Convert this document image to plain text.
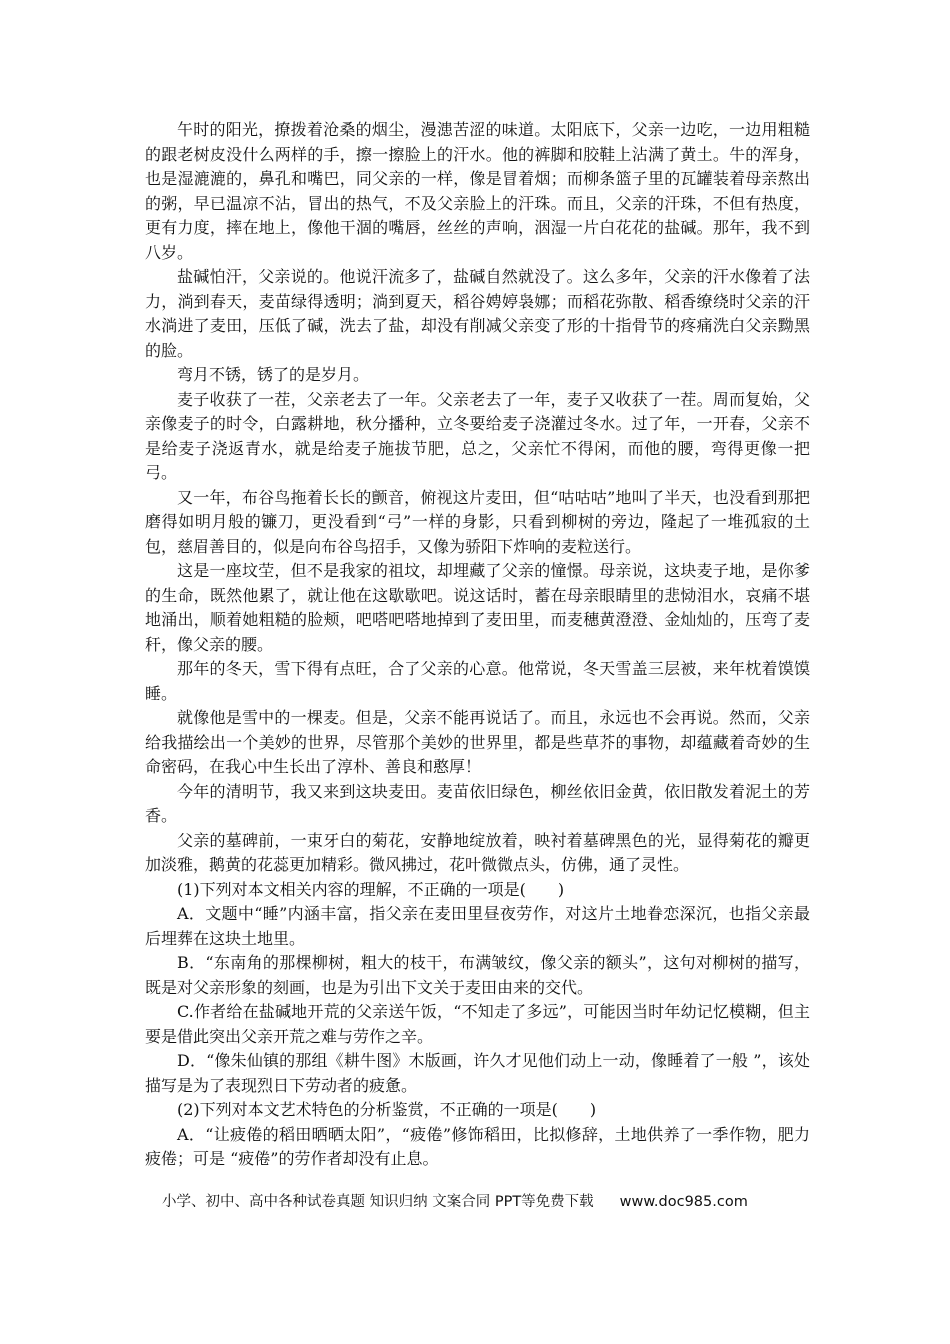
午时的阳光，撩拨着沧桑的烟尘，漫漶苦涩的味道。太阳底下，父亲一边吃，一边用粗糙的跟老树皮没什么两样的手，擦一擦脸上的汗水。他的裤脚和胶鞋上沾满了黄土。牛的浑身，也是湿漉漉的，鼻孔和嘴巴，同父亲的一样，像是冒着烟；而柳条篮子里的瓦罐装着母亲熬出的粥，早已温凉不沾，冒出的热气，不及父亲脸上的汗珠。而且，父亲的汗珠，不但有热度，更有力度，摔在地上，像他干涸的嘴唇，丝丝的声响，洇湿一片白花花的盐碱。那年，我不到八岁。

盐碱怕汗，父亲说的。他说汗流多了，盐碱自然就没了。这么多年，父亲的汗水像着了法力，淌到春天，麦苗绿得透明；淌到夏天，稻谷娉婷袅娜；而稻花弥散、稻香缭绕时父亲的汗水淌进了麦田，压低了碱，洗去了盐，却没有削减父亲变了形的十指骨节的疼痛洗白父亲黝黑的脸。

弯月不锈，锈了的是岁月。

麦子收获了一茬，父亲老去了一年。父亲老去了一年，麦子又收获了一茬。周而复始，父亲像麦子的时令，白露耕地，秋分播种，立冬要给麦子浇灌过冬水。过了年，一开春，父亲不是给麦子浇返青水，就是给麦子施拔节肥，总之，父亲忙不得闲，而他的腰，弯得更像一把弓。

又一年，布谷鸟拖着长长的颤音，俯视这片麦田，但“咕咕咕”地叫了半天，也没看到那把磨得如明月般的镰刀，更没看到“弓”一样的身影，只看到柳树的旁边，隆起了一堆孤寂的土包，慈眉善目的，似是向布谷鸟招手，又像为骄阳下炸响的麦粒送行。

这是一座坟茔，但不是我家的祖坟，却埋藏了父亲的憧憬。母亲说，这块麦子地，是你爹的生命，既然他累了，就让他在这歇歇吧。说这话时，蓄在母亲眼睛里的悲恸泪水，哀痛不堪地涌出，顺着她粗糙的脸颊，吧嗒吧嗒地掉到了麦田里，而麦穗黄澄澄、金灿灿的，压弯了麦秆，像父亲的腰。

那年的冬天，雪下得有点旺，合了父亲的心意。他常说，冬天雪盖三层被，来年枕着馍馍睡。

就像他是雪中的一棵麦。但是，父亲不能再说话了。而且，永远也不会再说。然而，父亲给我描绘出一个美妙的世界，尽管那个美妙的世界里，都是些草芥的事物，却蕴藏着奇妙的生命密码，在我心中生长出了淳朴、善良和憨厚！

今年的清明节，我又来到这块麦田。麦苗依旧绿色，柳丝依旧金黄，依旧散发着泥土的芳香。

父亲的墓碑前，一束牙白的菊花，安静地绽放着，映衬着墓碑黑色的光，显得菊花的瓣更加淡雅，鹅黄的花蕊更加精彩。微风拂过，花叶微微点头，仿佛，通了灵性。

(1)下列对本文相关内容的理解，不正确的一项是(　　)

A．文题中“睡”内涵丰富，指父亲在麦田里昼夜劳作，对这片土地眷恋深沉，也指父亲最后埋葬在这块土地里。

B．“东南角的那棵柳树，粗大的枝干，布满皱纹，像父亲的额头”，这句对柳树的描写，既是对父亲形象的刻画，也是为引出下文关于麦田由来的交代。

C.作者给在盐碱地开荒的父亲送午饭，“不知走了多远”，可能因当时年幼记忆模糊，但主要是借此突出父亲开荒之难与劳作之辛。

D．“像朱仙镇的那组《耕牛图》木版画，许久才见他们动上一动，像睡着了一般 ”，该处描写是为了表现烈日下劳动者的疲惫。

(2)下列对本文艺术特色的分析鉴赏，不正确的一项是(　　)

A．“让疲倦的稻田晒晒太阳”，“疲倦”修饰稻田，比拟修辞，土地供养了一季作物，肥力疲倦；可是 “疲倦”的劳作者却没有止息。

小学、初中、高中各种试卷真题 知识归纳 文案合同 PPT等免费下载 www.doc985.com
